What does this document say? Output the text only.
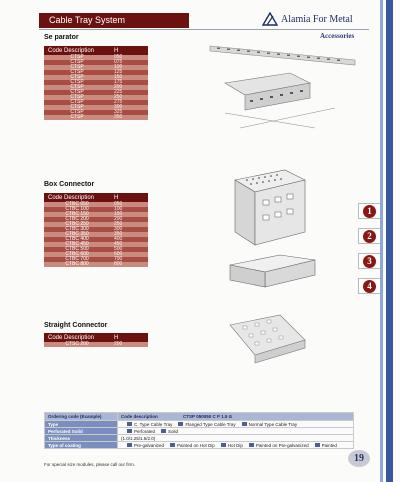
Cable Tray System	Alamia For Metal
Accessories
Se parator
Code Description	H
CTSP	050
CTSP	075
CTSP	100
CTSP	125
CTSP	150
CTSP	175
CTSP	200
CTSP	225
CTSP	250
CTSP	275
CTSP	300
CTSP	325
CTSP	350
Box Connector
Code Description	H
CTBC 050	050
CTBC 100	100
CTBC 150	150
CTBC 200	200
CTBC 250	250
CTBC 300	300
CTBC 350	350
CTBC 400	400
CTBC 450	450
CTBC 500	500
CTBC 600	600
CTBC 700	700
CTBC 800	800
Straight Connector
Code Description	H
CTSC 200	200
1
2
3
4
Ordering code (Example)	Code description CTSP 050050 C P 1.5 G
Type	C. Type Cable Tray Flanged Type Cable Tray Normal Type Cable Tray
Perforated Solid	Perforated Solid
Thickness	(1.0/1.25/1.5/2.0)
Type of coating	Pre-galvanized Painted on Hot Dip Hot Dip Painted on Pre-galvanized Painted
For special size modules, please call our firm.
19
